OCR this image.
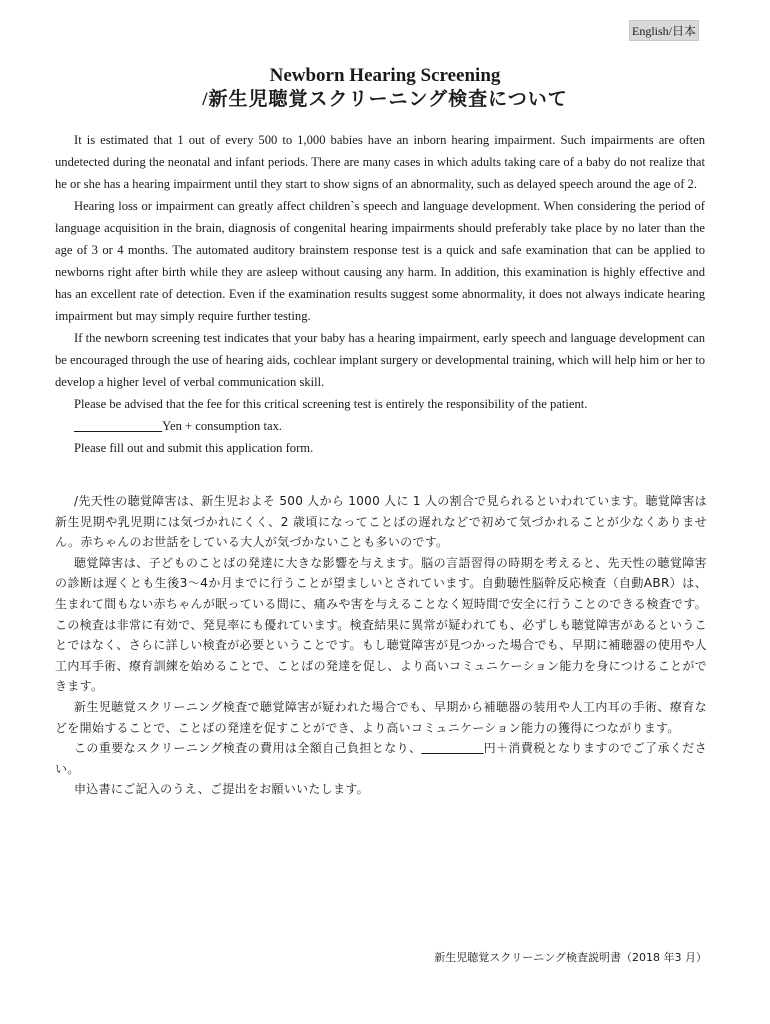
English/日本
Newborn Hearing Screening
/新生児聴覚スクリーニング検査について

It is estimated that 1 out of every 500 to 1,000 babies have an inborn hearing impairment. Such impairments are often undetected during the neonatal and infant periods. There are many cases in which adults taking care of a baby do not realize that he or she has a hearing impairment until they start to show signs of an abnormality, such as delayed speech around the age of 2.

Hearing loss or impairment can greatly affect children`s speech and language development. When considering the period of language acquisition in the brain, diagnosis of congenital hearing impairments should preferably take place by no later than the age of 3 or 4 months. The automated auditory brainstem response test is a quick and safe examination that can be applied to newborns right after birth while they are asleep without causing any harm. In addition, this examination is highly effective and has an excellent rate of detection. Even if the examination results suggest some abnormality, it does not always indicate hearing impairment but may simply require further testing.

If the newborn screening test indicates that your baby has a hearing impairment, early speech and language development can be encouraged through the use of hearing aids, cochlear implant surgery or developmental training, which will help him or her to develop a higher level of verbal communication skill.

Please be advised that the fee for this critical screening test is entirely the responsibility of the patient.

＿＿＿＿＿＿＿Yen + consumption tax.

Please fill out and submit this application form.

/先天性の聴覚障害は、新生児およそ 500 人から 1000 人に 1 人の割合で見られるといわれています。聴覚障害は新生児期や乳児期には気づかれにくく、2 歳頃になってことばの遅れなどで初めて気づかれることが少なくありません。赤ちゃんのお世話をしている大人が気づかないことも多いのです。

聴覚障害は、子どものことばの発達に大きな影響を与えます。脳の言語習得の時期を考えると、先天性の聴覚障害の診断は遅くとも生後3〜4か月までに行うことが望ましいとされています。自動聴性脳幹反応検査（自動ABR）は、生まれて間もない赤ちゃんが眠っている間に、痛みや害を与えることなく短時間で安全に行うことのできる検査です。この検査は非常に有効で、発見率にも優れています。検査結果に異常が疑われても、必ずしも聴覚障害があるということではなく、さらに詳しい検査が必要ということです。もし聴覚障害が見つかった場合でも、早期に補聴器の使用や人工内耳手術、療育訓練を始めることで、ことばの発達を促し、より高いコミュニケーション能力を身につけることができます。

新生児聴覚スクリーニング検査で聴覚障害が疑われた場合でも、早期から補聴器の装用や人工内耳の手術、療育などを開始することで、ことばの発達を促すことができ、より高いコミュニケーション能力の獲得につながります。

この重要なスクリーニング検査の費用は全額自己負担となり、＿＿＿＿＿円＋消費税となりますのでご了承ください。

申込書にご記入のうえ、ご提出をお願いいたします。

新生児聴覚スクリーニング検査説明書（2018 年3 月）
